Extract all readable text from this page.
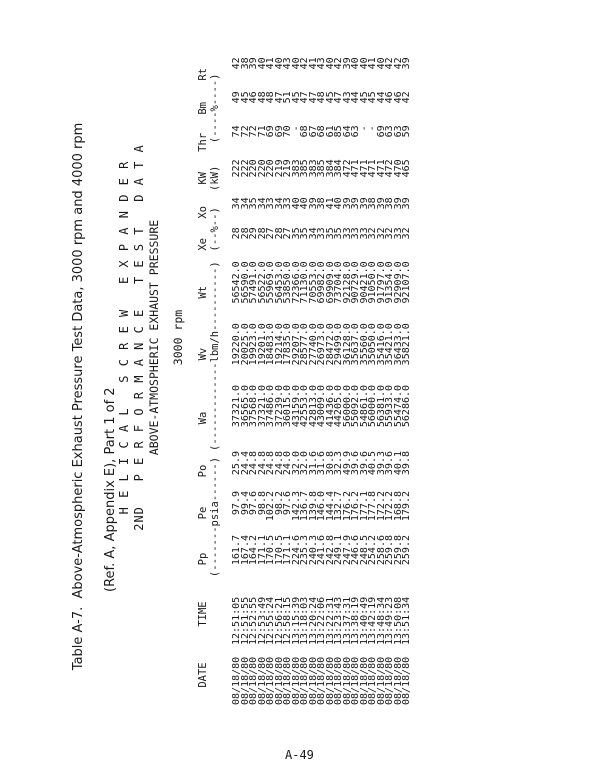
Table A-7.  Above-Atmospheric Exhaust Pressure Test Data, 3000 rpm and 4000 rpm
(Ref. A, Appendix E), Part 1 of 2

H E L I C A L   S C R E W   E X P A N D E R 2ND   P E R F O R M A N C E   T E S T   D A T A ABOVE-ATMOSPHERIC EXHAUST PRESSURE 3000 rpm
DATE	TIME	Pp	Pe	Po	Wa	Wv	Wt	Xe	Xo	KW	Thr	Bm	Rt
		(-------psia------)			(-------------lbm/h----------)			(--%--)		(kW)	(----%----)		
08/18/80	12:51:05	161.7	97.9	25.9	37321.0	19220.0	56542.0	28	34	222	74	49	42
08/18/80	12:51:55	167.4	99.4	24.4	36565.0	20025.0	56590.0	28	34	222	72	45	38
08/18/80	12:52:55	164.2	97.6	24.8	37568.0	19923.0	57491.0	29	35	220	72	46	39
08/18/80	12:53:49	171.1	98.8	24.8	37321.0	19201.0	56522.0	28	34	220	71	48	40
08/18/80	12:55:24	170.5	102.2	24.8	37486.0	18483.0	55969.0	27	33	220	69	48	41
08/18/80	12:56:21	170.5	98.2	24.8	37239.0	19214.0	56453.0	28	34	219	69	47	40
08/18/80	12:58:15	171.1	97.6	24.0	36015.0	17835.0	53850.0	27	33	219	70	51	43
08/18/80	13:15:39	224.6	142.3	32.0	43159.0	29207.0	72366.0	35	40	383	-	45	40
08/18/80	13:18:03	235.3	136.7	32.0	42553.0	28577.0	71130.0	35	40	385	68	47	42
08/18/80	13:20:24	240.3	139.8	31.6	42813.0	27740.0	70553.0	34	39	383	67	47	41
08/18/80	13:22:06	241.6	146.0	31.6	43009.0	26973.0	69982.0	33	38	385	68	48	43
08/18/80	13:22:31	242.8	144.4	30.8	41436.0	28472.0	69909.0	35	41	384	61	45	40
08/18/80	13:23:43	249.1	132.7	32.3	44205.0	29499.0	73704.0	35	40	384	85	47	42
08/18/80	13:37:31	247.9	176.2	49.9	56000.0	36128.0	92128.0	33	39	472	64	43	39
08/18/80	13:38:19	246.6	176.2	39.6	55092.0	35637.0	90729.0	33	39	471	63	44	40
08/18/80	13:40:49	248.5	177.1	39.6	54861.0	35560.0	90421.0	33	39	471	-	45	40
08/18/80	13:42:19	254.2	177.8	40.5	56000.0	35050.0	91050.0	32	38	471	-	45	41
08/18/80	13:48:34	258.6	172.2	39.3	56381.0	35416.0	91797.0	32	39	471	69	44	40
08/18/80	13:49:23	259.8	172.2	39.6	55933.0	35421.0	91354.0	32	38	472	63	46	42
08/18/80	13:50:08	259.8	168.8	40.1	55474.0	36433.0	92909.0	33	39	470	63	46	42
08/18/80	13:51:34	259.2	179.2	39.8	56286.0	35821.0	92107.0	32	39	465	59	42	39
A-49
